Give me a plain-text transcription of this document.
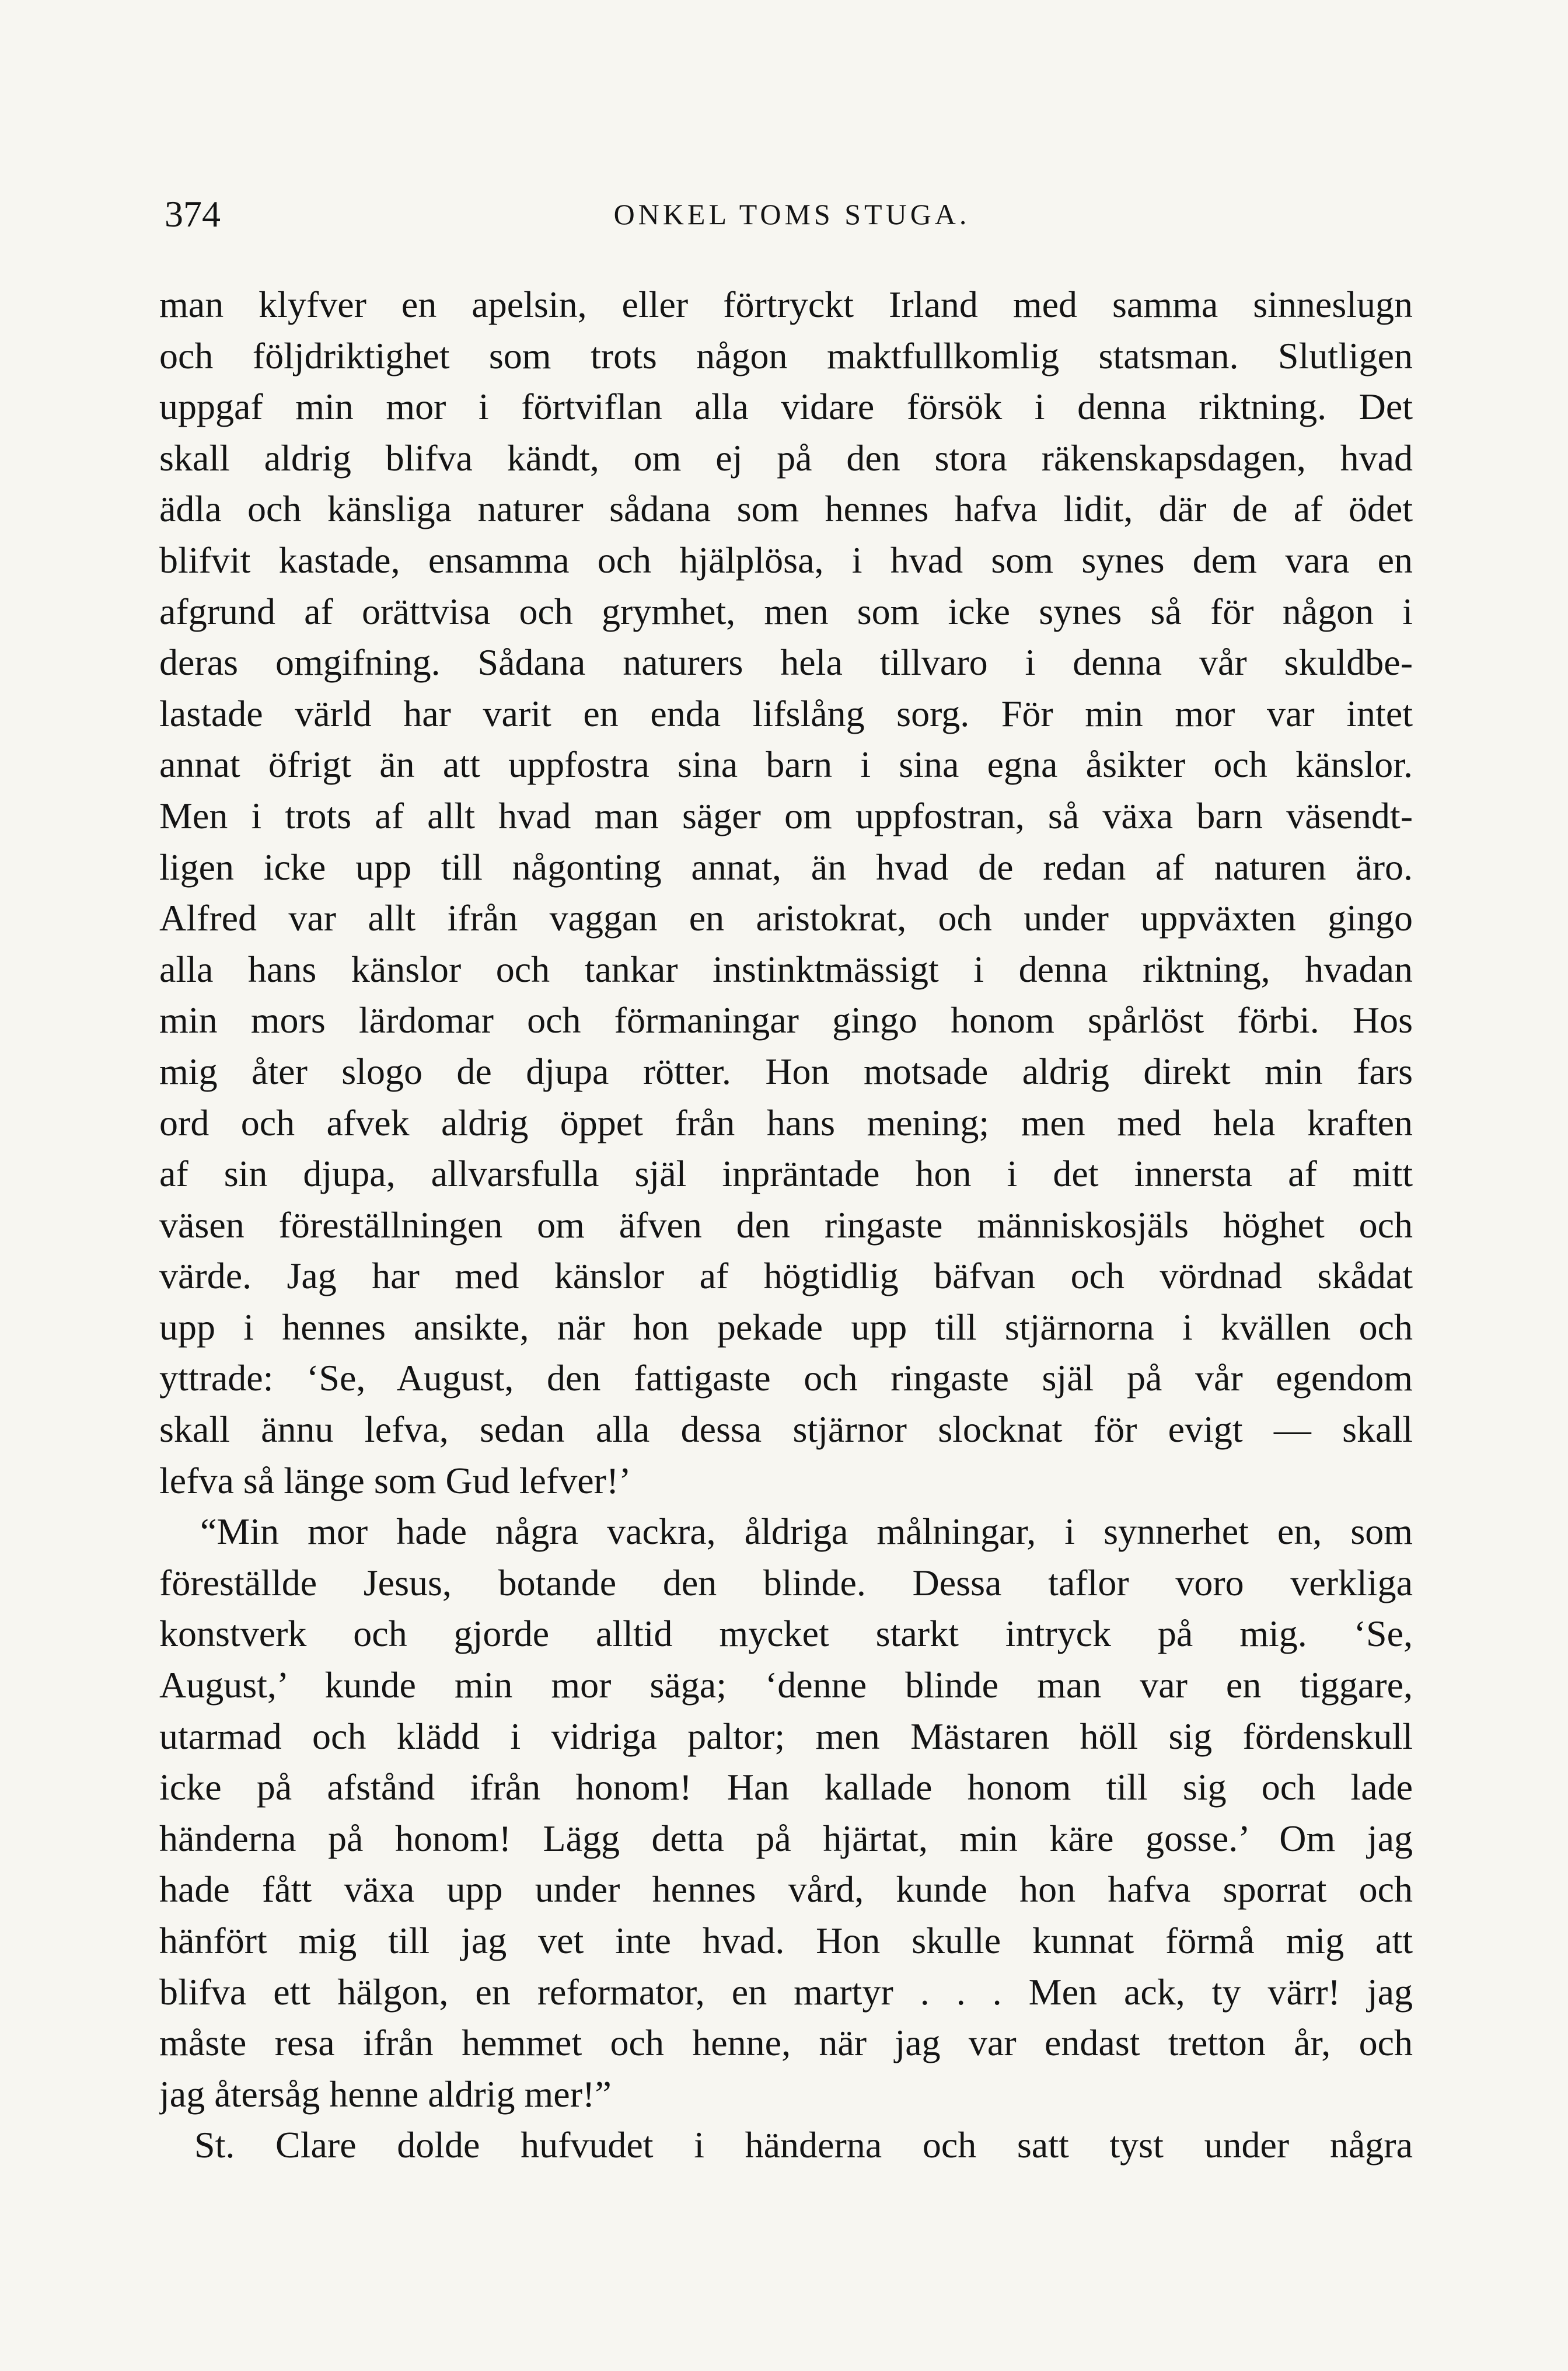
374	ONKEL TOMS STUGA.
man klyfver en apelsin, eller förtryckt Irland med samma sinneslugn
och följdriktighet som trots någon maktfullkomlig statsman. Slutligen
uppgaf min mor i förtviflan alla vidare försök i denna riktning. Det
skall aldrig blifva kändt, om ej på den stora räkenskapsdagen, hvad
ädla och känsliga naturer sådana som hennes hafva lidit, där de af ödet
blifvit kastade, ensamma och hjälplösa, i hvad som synes dem vara en
afgrund af orättvisa och grymhet, men som icke synes så för någon i
deras omgifning. Sådana naturers hela tillvaro i denna vår skuldbe-
lastade värld har varit en enda lifslång sorg. För min mor var intet
annat öfrigt än att uppfostra sina barn i sina egna åsikter och känslor.
Men i trots af allt hvad man säger om uppfostran, så växa barn väsendt-
ligen icke upp till någonting annat, än hvad de redan af naturen äro.
Alfred var allt ifrån vaggan en aristokrat, och under uppväxten gingo
alla hans känslor och tankar instinktmässigt i denna riktning, hvadan
min mors lärdomar och förmaningar gingo honom spårlöst förbi. Hos
mig åter slogo de djupa rötter. Hon motsade aldrig direkt min fars
ord och afvek aldrig öppet från hans mening; men med hela kraften
af sin djupa, allvarsfulla själ inpräntade hon i det innersta af mitt
väsen föreställningen om äfven den ringaste människosjäls höghet och
värde. Jag har med känslor af högtidlig bäfvan och vördnad skådat
upp i hennes ansikte, när hon pekade upp till stjärnorna i kvällen och
yttrade: ‘Se, August, den fattigaste och ringaste själ på vår egendom
skall ännu lefva, sedan alla dessa stjärnor slocknat för evigt — skall
lefva så länge som Gud lefver!’
“Min mor hade några vackra, åldriga målningar, i synnerhet en, som
föreställde Jesus, botande den blinde. Dessa taflor voro verkliga
konstverk och gjorde alltid mycket starkt intryck på mig. ‘Se,
August,’ kunde min mor säga; ‘denne blinde man var en tiggare,
utarmad och klädd i vidriga paltor; men Mästaren höll sig fördenskull
icke på afstånd ifrån honom! Han kallade honom till sig och lade
händerna på honom! Lägg detta på hjärtat, min käre gosse.’ Om jag
hade fått växa upp under hennes vård, kunde hon hafva sporrat och
hänfört mig till jag vet inte hvad. Hon skulle kunnat förmå mig att
blifva ett hälgon, en reformator, en martyr . . . Men ack, ty värr! jag
måste resa ifrån hemmet och henne, när jag var endast tretton år, och
jag återsåg henne aldrig mer!”
St. Clare dolde hufvudet i händerna och satt tyst under några
